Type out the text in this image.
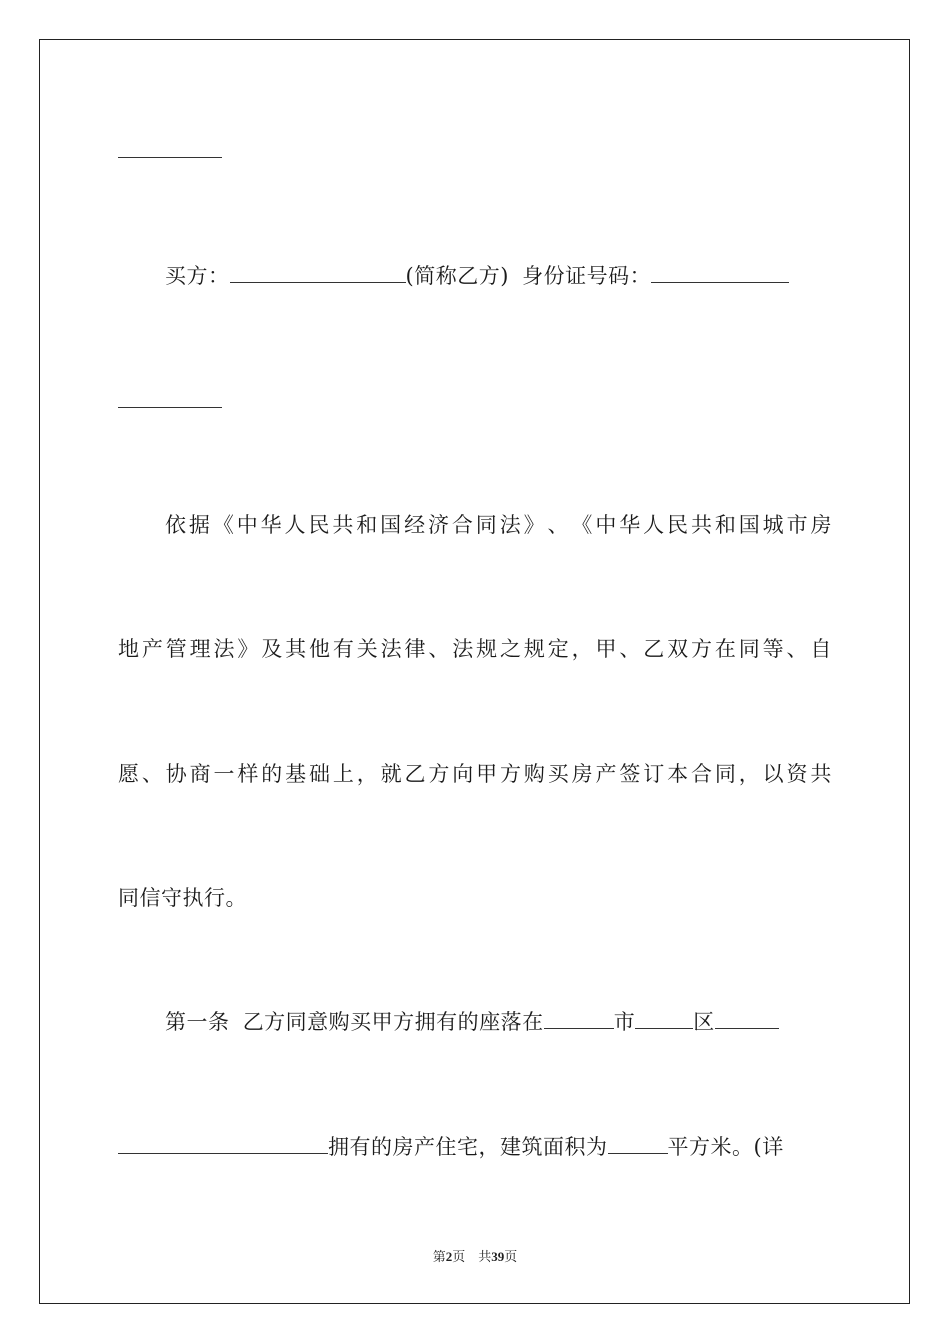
买方：	(简称乙方) 身份证号码：
依 据 《 中 华 人 民 共 和 国 经 济 合 同 法 》 、 《 中 华 人 民 共 和 国 城 市 房
地 产 管 理 法 》 及 其 他 有 关 法 律 、 法 规 之 规 定 ， 甲 、 乙 双 方 在 同 等 、 自
愿 、 协 商 一 样 的 基 础 上 ， 就 乙 方 向 甲 方 购 买 房 产 签 订 本 合 同 ， 以 资 共
同信守执行。
第一条 乙方同意购买甲方拥有的座落在	市	区
拥有的房产住宅，建筑面积为	平方米。(详
第2页　共39页
